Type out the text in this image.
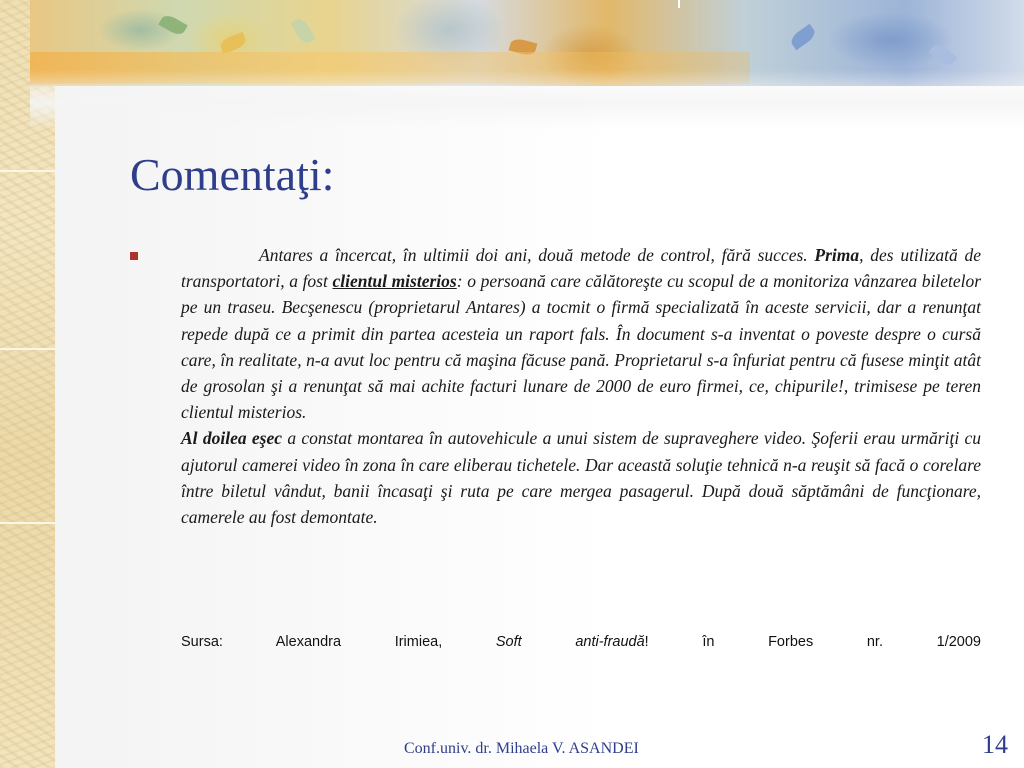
Comentaţi:

Antares a încercat, în ultimii doi ani, două metode de control, fără succes. Prima, des utilizată de transportatori, a fost clientul misterios: o persoană care călătoreşte cu scopul de a monitoriza vânzarea biletelor pe un traseu. Becşenescu (proprietarul Antares) a tocmit o firmă specializată în aceste servicii, dar a renunţat repede după ce a primit din partea acesteia un raport fals. În document s-a inventat o poveste despre o cursă care, în realitate, n-a avut loc pentru că maşina făcuse pană. Proprietarul s-a înfuriat pentru că fusese minţit atât de grosolan şi a renunţat să mai achite facturi lunare de 2000 de euro firmei, ce, chipurile!, trimisese pe teren clientul misterios.

Al doilea eşec a constat montarea în autovehicule a unui sistem de supraveghere video. Şoferii erau urmăriţi cu ajutorul camerei video în zona în care eliberau tichetele. Dar această soluţie tehnică n-a reuşit să facă o corelare între biletul vândut, banii încasaţi şi ruta pe care mergea pasagerul. După două săptămâni de funcţionare, camerele au fost demontate.

Sursa: Alexandra Irimiea, Soft anti-fraudă! în Forbes nr. 1/2009
Conf.univ. dr. Mihaela V. ASANDEI	14
